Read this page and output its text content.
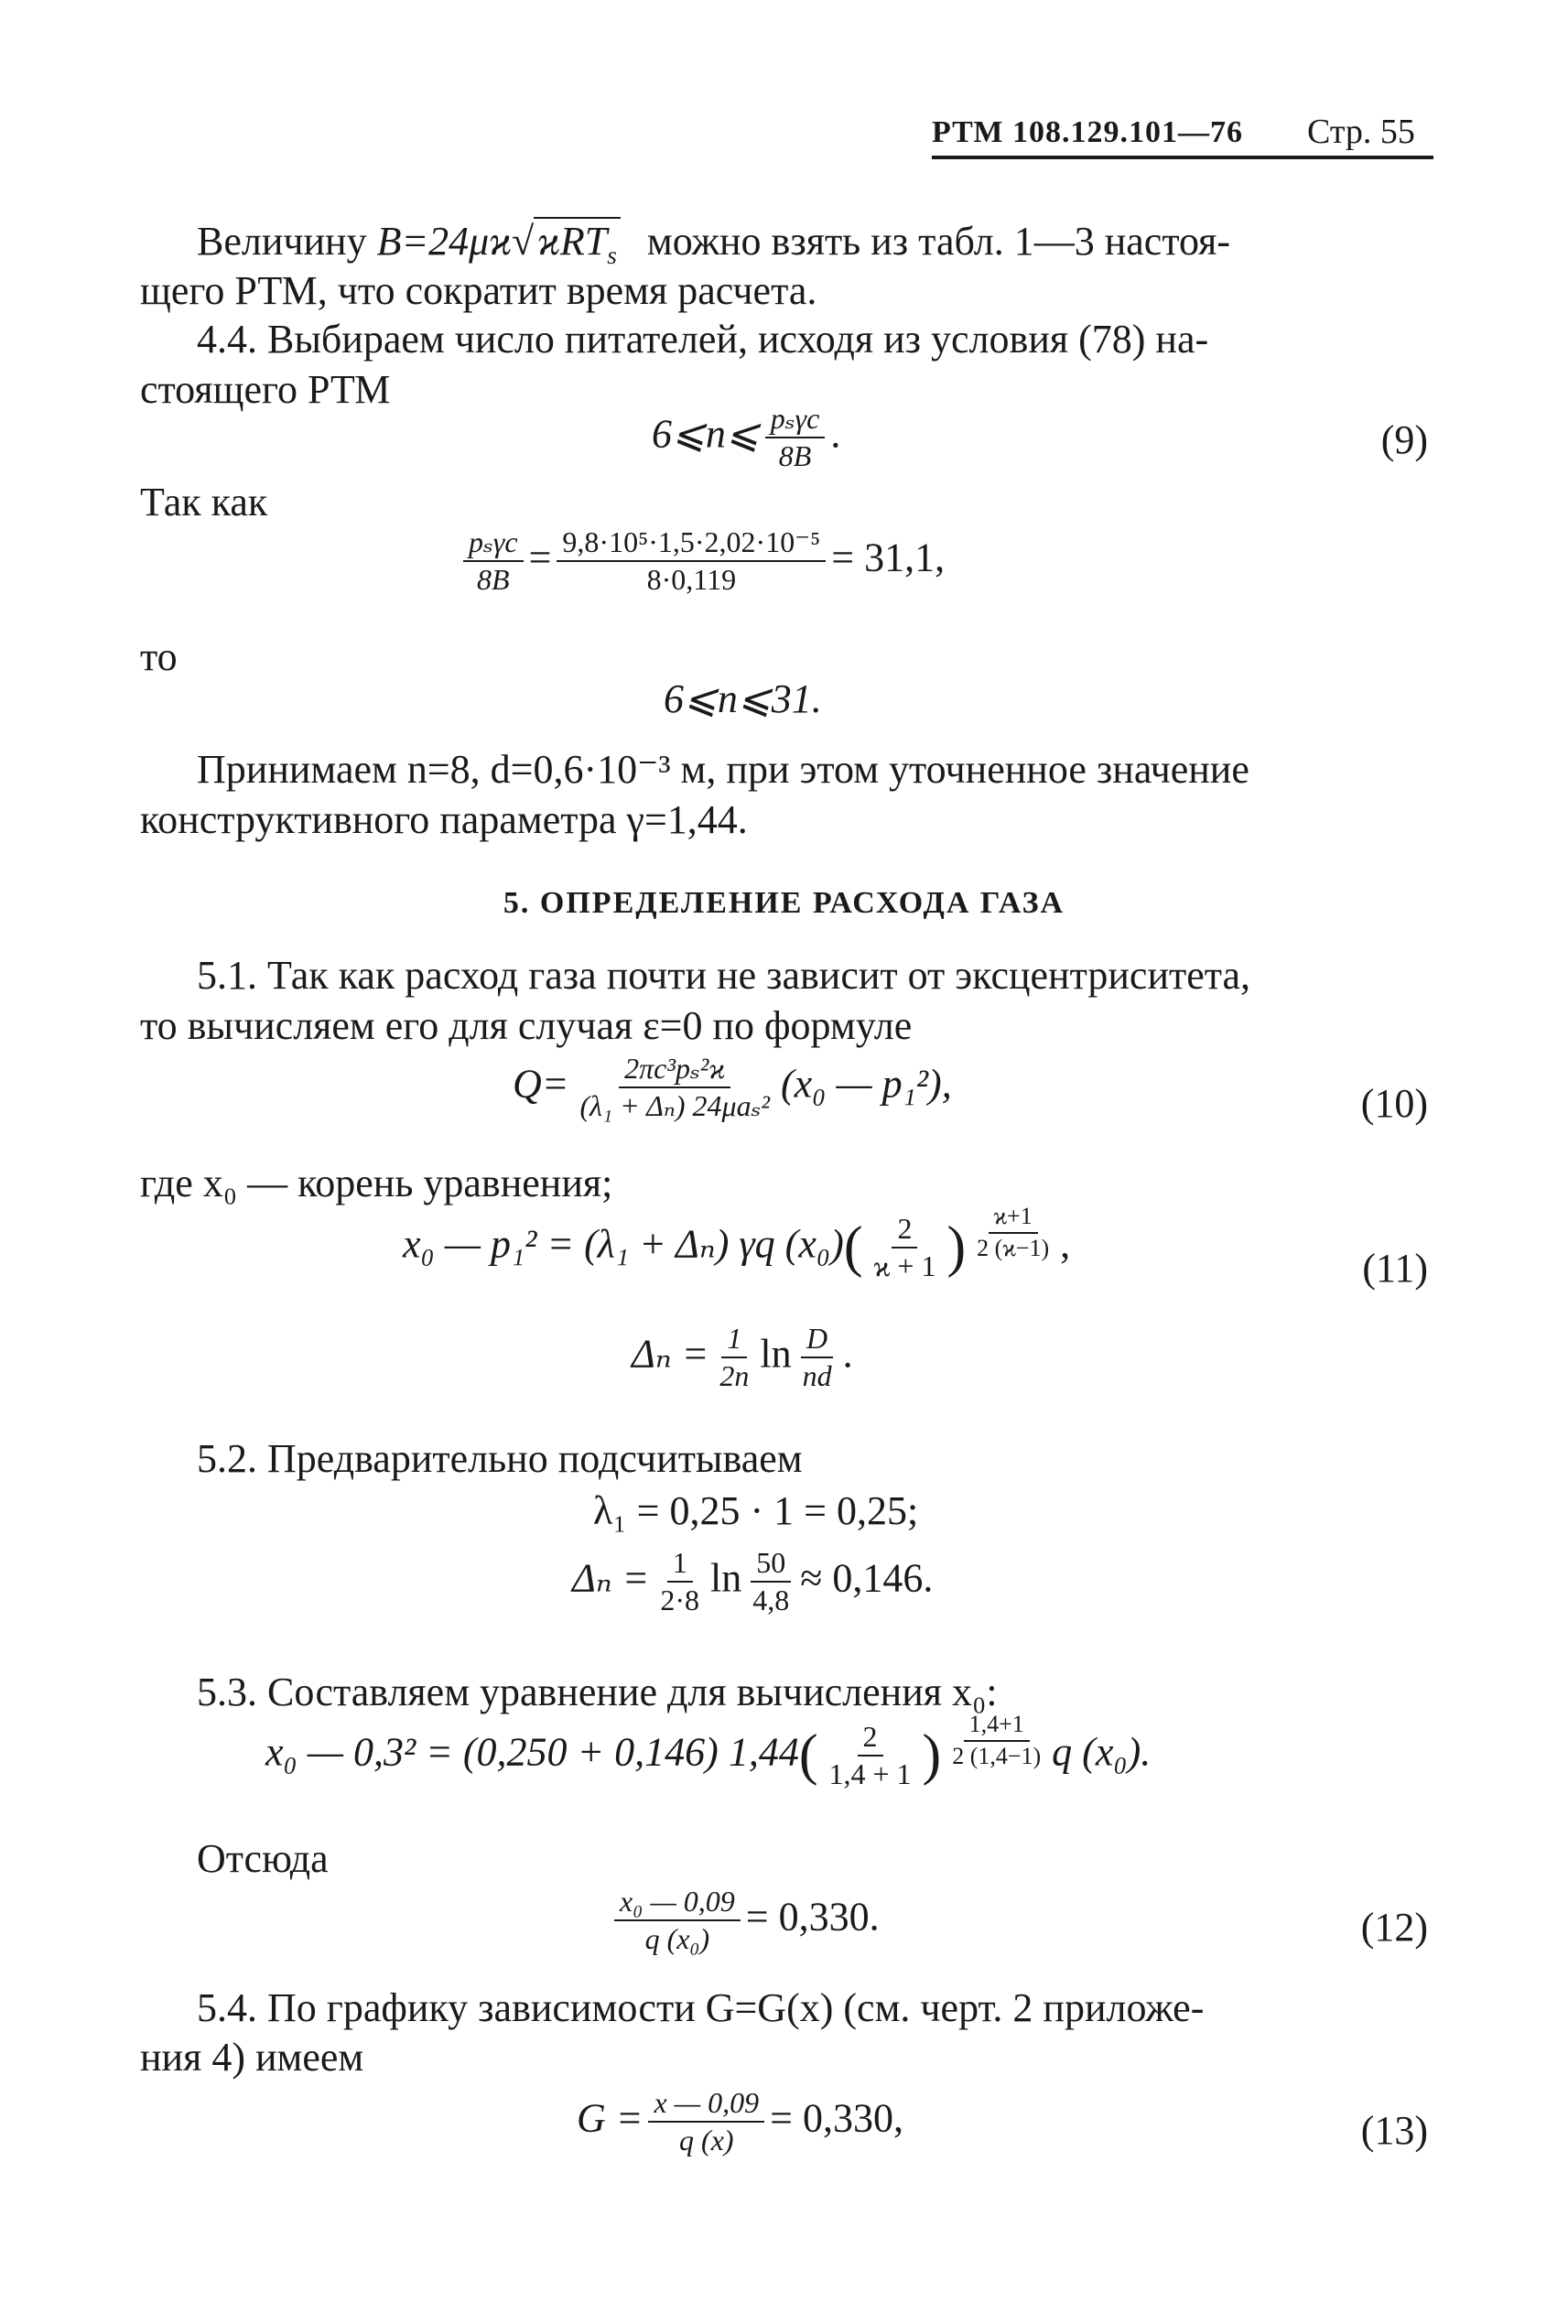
РТМ 108.129.101—76 Стр. 55
Величину B=24μϰ√ϰRT$_s$ можно взять из табл. 1—3 настоя-
щего РТМ, что сократит время расчета.
4.4. Выбираем число питателей, исходя из условия (78) на-
стоящего РТМ
6⩽n⩽ $\frac{\text{pₛγc}}{8B}$ .	(9)
Так как
$\frac{\text{pₛγc}}{8B} = \frac{\text{9,8·10⁵·1,5·2,02·10⁻⁵}}{8\cdot 0,119} = 31,1$,
то
6⩽n⩽31.
Принимаем n=8, d=0,6·10⁻³ м, при этом уточненное значение
конструктивного параметра γ=1,44.
5. ОПРЕДЕЛЕНИЕ РАСХОДА ГАЗА
5.1. Так как расход газа почти не зависит от эксцентриситета,
то вычисляем его для случая ε=0 по формуле
$Q= \frac{\text{2πc³pₛ²ϰ}}{\text{(λ₁ + Δₙ) 24μaₛ²}} (x_0$ — p₁²),	(10)
где x₀ — корень уравнения;
x₀ — p₁² = (λ₁ + Δₙ) γq $(x_0)( \frac{2}{ϰ + 1}$ ) $\frac{ϰ+1}{2 (ϰ-1)}$ ,
(11)
$\Delta_n = \frac{1}{2n}$ $\ln \frac{D}{nd}$ .
5.2. Предварительно подсчитываем
λ₁ = 0,25 · 1 = 0,25;
$\Delta_n = \frac{1}{2\cdot 8}$ $\ln \frac{50}{4,8} \approx 0,146$.
5.3. Составляем уравнение для вычисления x₀:
x₀ — 0,3² = (0,250 + 0,146) $1,44( \frac{2}{1,4 + 1}$ ) $\frac{1,4+1}{2 (1,4-1)}$ q (x₀).
Отсюда
$\frac{\text{x₀ — 0,09}}{\text{q (x₀)}} = 0,330$.	(12)
5.4. По графику зависимости G=G(x) (см. черт. 2 приложе-
ния 4) имеем
$G = \frac{x — 0,09}{q (x)} = 0,330$,	(13)
